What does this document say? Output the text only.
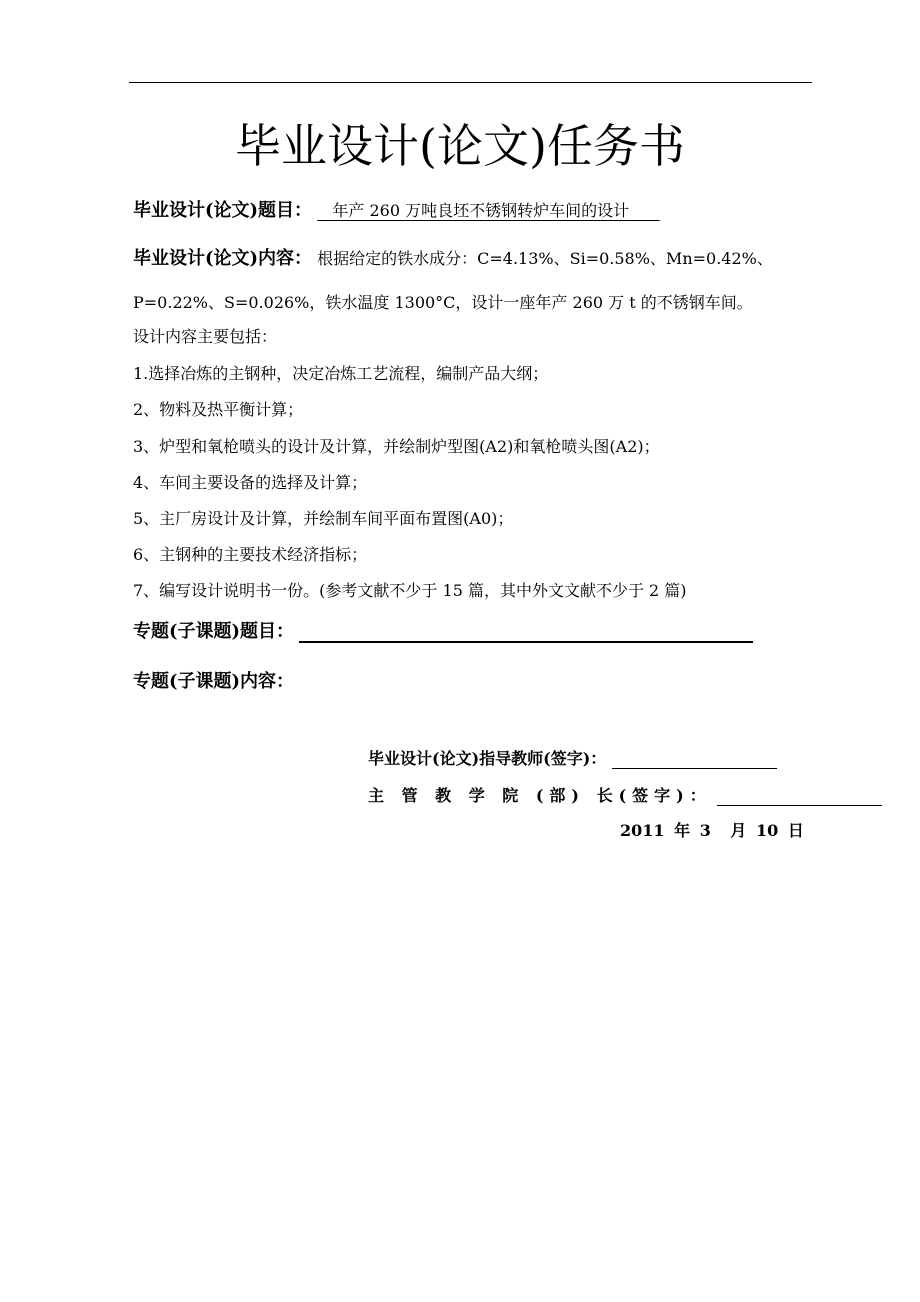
毕业设计(论文)任务书
毕业设计(论文)题目： 年产 260 万吨良坯不锈钢转炉车间的设计
毕业设计(论文)内容： 根据给定的铁水成分：C=4.13%、Si=0.58%、Mn=0.42%、
P=0.22%、S=0.026%，铁水温度 1300°C，设计一座年产 260 万 t 的不锈钢车间。
设计内容主要包括：
1.选择冶炼的主钢种，决定冶炼工艺流程，编制产品大纲；
2、物料及热平衡计算；
3、炉型和氧枪喷头的设计及计算，并绘制炉型图(A2)和氧枪喷头图(A2)；
4、车间主要设备的选择及计算；
5、主厂房设计及计算，并绘制车间平面布置图(A0)；
6、主钢种的主要技术经济指标；
7、编写设计说明书一份。(参考文献不少于 15 篇，其中外文文献不少于 2 篇)
专题(子课题)题目：
专题(子课题)内容：
毕业设计(论文)指导教师(签字)：
主 管 教 学 院 (部) 长(签字)：
2011 年 3 月 10 日
